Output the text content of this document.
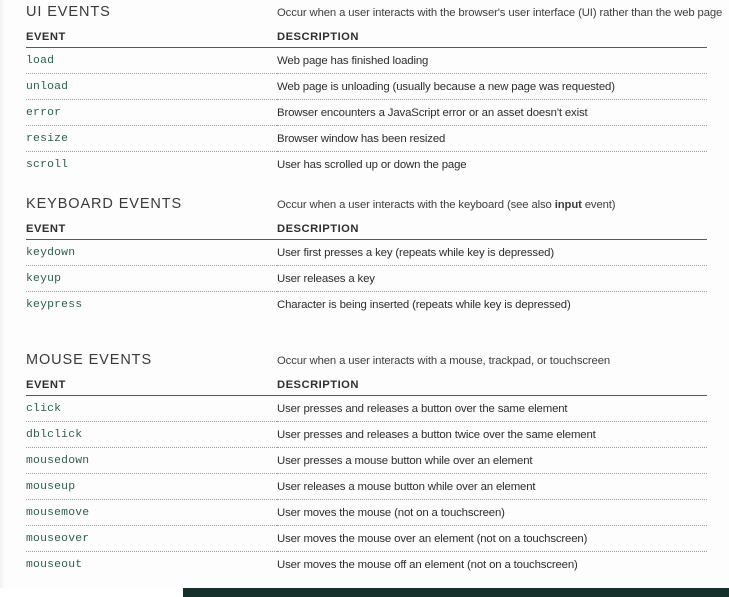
UI EVENTS	Occur when a user interacts with the browser's user interface (UI) rather than the web page
EVENT	DESCRIPTION
load	Web page has finished loading
unload	Web page is unloading (usually because a new page was requested)
error	Browser encounters a JavaScript error or an asset doesn't exist
resize	Browser window has been resized
scroll	User has scrolled up or down the page
KEYBOARD EVENTS	Occur when a user interacts with the keyboard (see also input event)
EVENT	DESCRIPTION
keydown	User first presses a key (repeats while key is depressed)
keyup	User releases a key
keypress	Character is being inserted (repeats while key is depressed)
MOUSE EVENTS	Occur when a user interacts with a mouse, trackpad, or touchscreen
EVENT	DESCRIPTION
click	User presses and releases a button over the same element
dblclick	User presses and releases a button twice over the same element
mousedown	User presses a mouse button while over an element
mouseup	User releases a mouse button while over an element
mousemove	User moves the mouse (not on a touchscreen)
mouseover	User moves the mouse over an element (not on a touchscreen)
mouseout	User moves the mouse off an element (not on a touchscreen)
